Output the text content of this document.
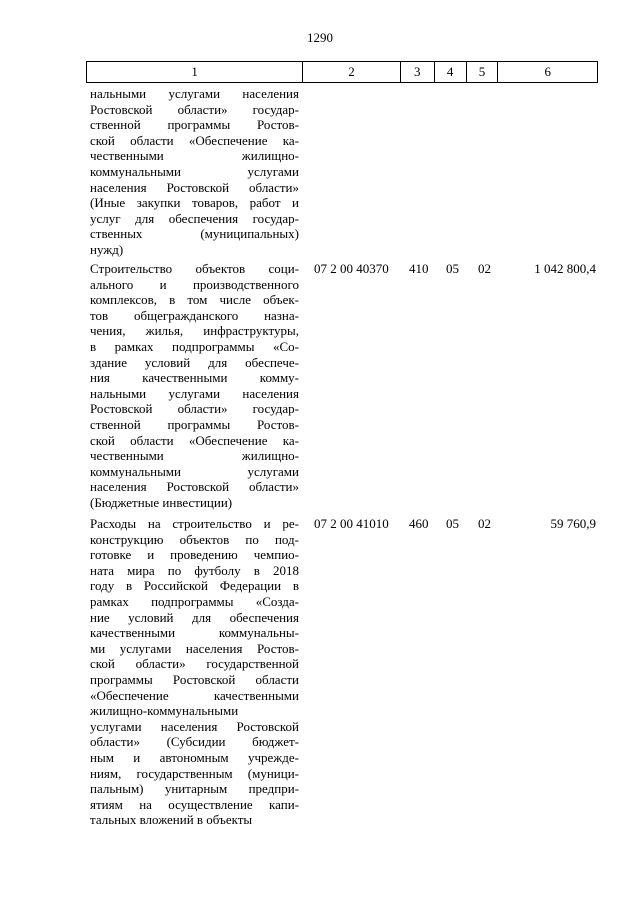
1290
1	2	3	4	5	6
нальными услугами населения
Ростовской области» государ-
ственной программы Ростов-
ской области «Обеспечение ка-
чественными жилищно-
коммунальными услугами
населения Ростовской области»
(Иные закупки товаров, работ и
услуг для обеспечения государ-
ственных (муниципальных)
нужд)
Строительство объектов соци-
ального и производственного
комплексов, в том числе объек-
тов общегражданского назна-
чения, жилья, инфраструктуры,
в рамках подпрограммы «Со-
здание условий для обеспече-
ния качественными комму-
нальными услугами населения
Ростовской области» государ-
ственной программы Ростов-
ской области «Обеспечение ка-
чественными жилищно-
коммунальными услугами
населения Ростовской области»
(Бюджетные инвестиции)
07 2 00 40370 410 05 02	1 042 800,4
Расходы на строительство и ре-
конструкцию объектов по под-
готовке и проведению чемпио-
ната мира по футболу в 2018
году в Российской Федерации в
рамках подпрограммы «Созда-
ние условий для обеспечения
качественными коммунальны-
ми услугами населения Ростов-
ской области» государственной
программы Ростовской области
«Обеспечение качественными
жилищно-коммунальными
услугами населения Ростовской
области» (Субсидии бюджет-
ным и автономным учрежде-
ниям, государственным (муници-
пальным) унитарным предпри-
ятиям на осуществление капи-
тальных вложений в объекты
07 2 00 41010 460 05 02	59 760,9
